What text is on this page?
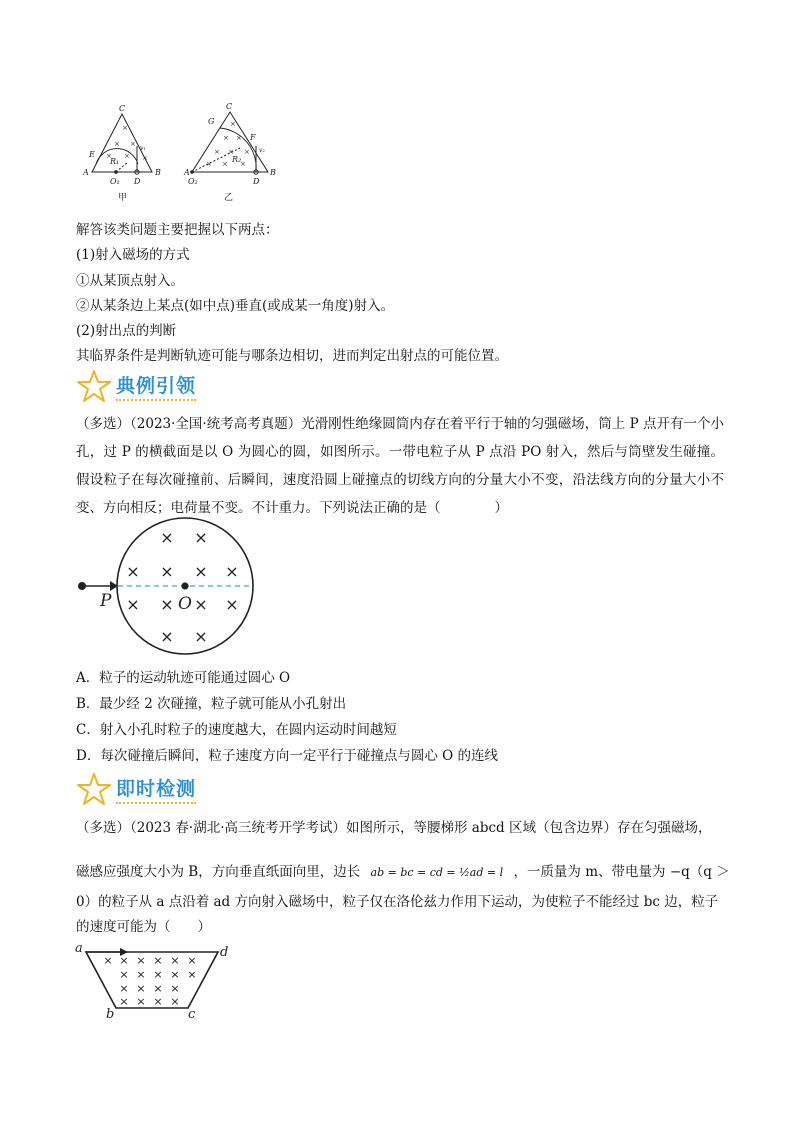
×
× ×
× × ×
×
× ×
× × ×
× × ×
C
A	B
E
O₁ D
R₁
v₁
C
G
F
A
O₂	D
B
R₂
v₂
甲	乙
解答该类问题主要把握以下两点：
(1)射入磁场的方式
①从某顶点射入。
②从某条边上某点(如中点)垂直(或成某一角度)射入。
(2)射出点的判断
其临界条件是判断轨迹可能与哪条边相切，进而判定出射点的可能位置。
典例引领
（多选）（2023·全国·统考高考真题）光滑刚性绝缘圆筒内存在着平行于轴的匀强磁场，筒上 P 点开有一个小孔，过 P 的横截面是以 O 为圆心的圆，如图所示。一带电粒子从 P 点沿 PO 射入，然后与筒壁发生碰撞。假设粒子在每次碰撞前、后瞬间，速度沿圆上碰撞点的切线方向的分量大小不变，沿法线方向的分量大小不变、方向相反；电荷量不变。不计重力。下列说法正确的是（　　　　）
× ×
× × × ×
× × × ×
× ×
P	O
A．粒子的运动轨迹可能通过圆心 O
B．最少经 2 次碰撞，粒子就可能从小孔射出
C．射入小孔时粒子的速度越大，在圆内运动时间越短
D．每次碰撞后瞬间，粒子速度方向一定平行于碰撞点与圆心 O 的连线
即时检测
（多选）（2023 春·湖北·高三统考开学考试）如图所示，等腰梯形 abcd 区域（包含边界）存在匀强磁场，
磁感应强度大小为 B，方向垂直纸面向里，边长 ab = bc = cd = ½ad = l ，一质量为 m、带电量为 −q（q ＞
0）的粒子从 a 点沿着 ad 方向射入磁场中，粒子仅在洛伦兹力作用下运动，为使粒子不能经过 bc 边，粒子
的速度可能为（　　）
× × × × × ×
× × × × ×
× × × ×
× × × ×
a	d
b	c
